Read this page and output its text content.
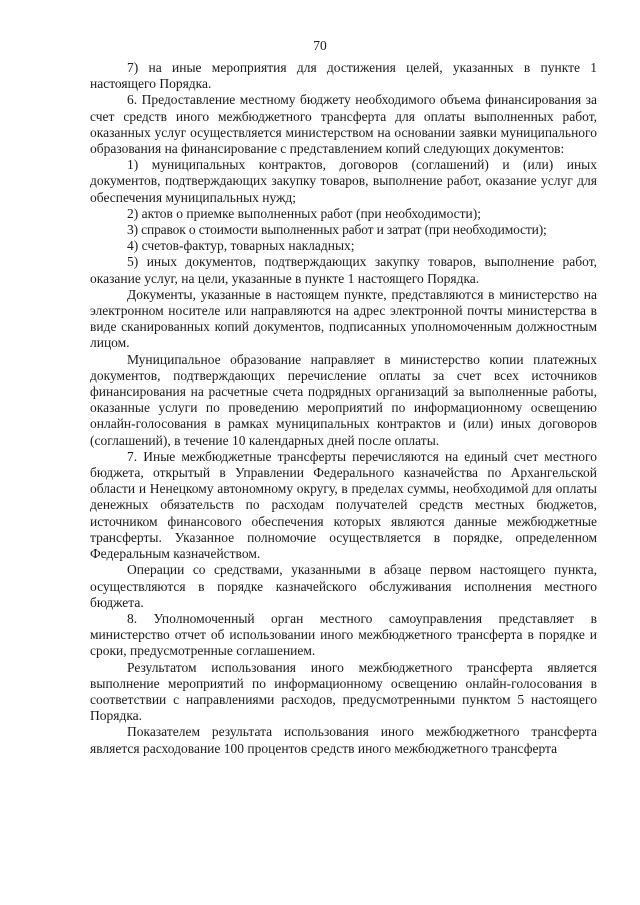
70

7) на иные мероприятия для достижения целей, указанных в пункте 1 настоящего Порядка.

6. Предоставление местному бюджету необходимого объема финансирования за счет средств иного межбюджетного трансферта для оплаты выполненных работ, оказанных услуг осуществляется министерством на основании заявки муниципального образования на финансирование с представлением копий следующих документов:

1) муниципальных контрактов, договоров (соглашений) и (или) иных документов, подтверждающих закупку товаров, выполнение работ, оказание услуг для обеспечения муниципальных нужд;

2) актов о приемке выполненных работ (при необходимости);

3) справок о стоимости выполненных работ и затрат (при необходимости);

4) счетов-фактур, товарных накладных;

5) иных документов, подтверждающих закупку товаров, выполнение работ, оказание услуг, на цели, указанные в пункте 1 настоящего Порядка.

Документы, указанные в настоящем пункте, представляются в министерство на электронном носителе или направляются на адрес электронной почты министерства в виде сканированных копий документов, подписанных уполномоченным должностным лицом.

Муниципальное образование направляет в министерство копии платежных документов, подтверждающих перечисление оплаты за счет всех источников финансирования на расчетные счета подрядных организаций за выполненные работы, оказанные услуги по проведению мероприятий по информационному освещению онлайн-голосования в рамках муниципальных контрактов и (или) иных договоров (соглашений), в течение 10 календарных дней после оплаты.

7. Иные межбюджетные трансферты перечисляются на единый счет местного бюджета, открытый в Управлении Федерального казначейства по Архангельской области и Ненецкому автономному округу, в пределах суммы, необходимой для оплаты денежных обязательств по расходам получателей средств местных бюджетов, источником финансового обеспечения которых являются данные межбюджетные трансферты. Указанное полномочие осуществляется в порядке, определенном Федеральным казначейством.

Операции со средствами, указанными в абзаце первом настоящего пункта, осуществляются в порядке казначейского обслуживания исполнения местного бюджета.

8. Уполномоченный орган местного самоуправления представляет в министерство отчет об использовании иного межбюджетного трансферта в порядке и сроки, предусмотренные соглашением.

Результатом использования иного межбюджетного трансферта является выполнение мероприятий по информационному освещению онлайн-голосования в соответствии с направлениями расходов, предусмотренными пунктом 5 настоящего Порядка.

Показателем результата использования иного межбюджетного трансферта является расходование 100 процентов средств иного межбюджетного трансферта
